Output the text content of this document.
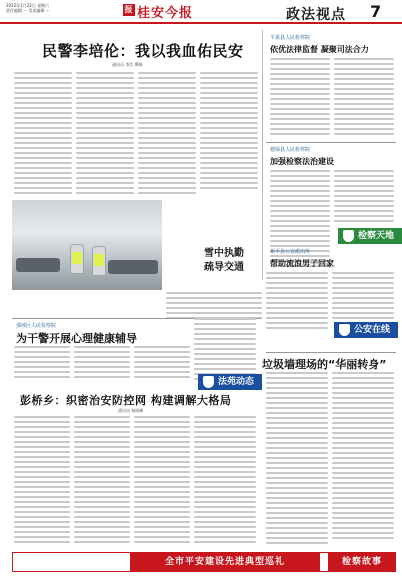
2022年1月22日 星期六
责任编辑 ··· 美术编辑 ···	报 桂安今报	政法视点 7
民警李培伦：我以我血佑民安
通讯员 李浩 撰稿
平果县人民检察院
依优法律监督 凝聚司法合力
德保县人民检察院
加强检察法治建设
检察天地
雪中执勤
疏导交通
新平县公安派出所
帮助流浪男子回家
公安在线
那坡区人民检察院
为干警开展心理健康辅导
法苑动态
垃圾墙理场的“华丽转身”
彭桥乡：织密治安防控网 构建调解大格局
通讯员 杨晓峰
全市平安建设先进典型巡礼	检察故事
